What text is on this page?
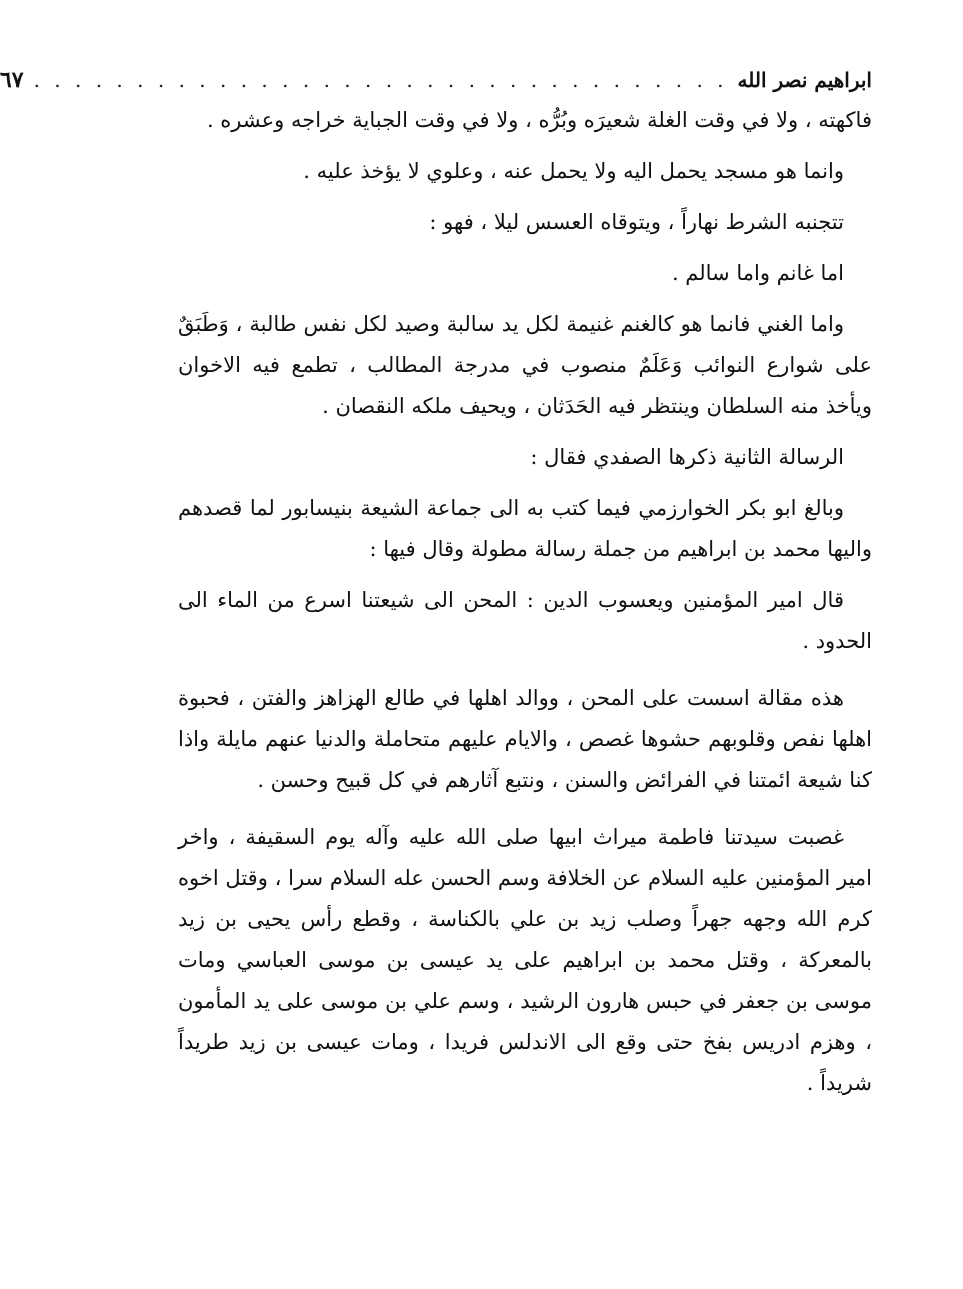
ابراهيم نصر الله
. . . . . . . . . . . . . . . . . . . . . . . . . . . . . . . . . .
٦٧

فاكهته ، ولا في وقت الغلة شعيرَه وبُرُّه ، ولا في وقت الجباية خراجه وعشره .

وانما هو مسجد يحمل اليه ولا يحمل عنه ، وعلوي لا يؤخذ عليه .

تتجنبه الشرط نهاراً ، ويتوقاه العسس ليلا ، فهو :

اما غانم واما سالم .

واما الغني فانما هو كالغنم غنيمة لكل يد سالبة وصيد لكل نفس طالبة ، وَطَبَقٌ على شوارع النوائب وَعَلَمٌ منصوب في مدرجة المطالب ، تطمع فيه الاخوان ويأخذ منه السلطان وينتظر فيه الحَدَثان ، ويحيف ملكه النقصان .

الرسالة الثانية ذكرها الصفدي فقال :

وبالغ ابو بكر الخوارزمي فيما كتب به الى جماعة الشيعة بنيسابور لما قصدهم واليها محمد بن ابراهيم من جملة رسالة مطولة وقال فيها :

قال امير المؤمنين ويعسوب الدين : المحن الى شيعتنا اسرع من الماء الى الحدود .

هذه مقالة اسست على المحن ، ووالد اهلها في طالع الهزاهز والفتن ، فحبوة اهلها نفص وقلوبهم حشوها غصص ، والايام عليهم متحاملة والدنيا عنهم مايلة واذا كنا شيعة ائمتنا في الفرائض والسنن ، ونتبع آثارهم في كل قبيح وحسن .

غصبت سيدتنا فاطمة ميراث ابيها صلى الله عليه وآله يوم السقيفة ، واخر امير المؤمنين عليه السلام عن الخلافة وسم الحسن عله السلام سرا ، وقتل اخوه كرم الله وجهه جهراً وصلب زيد بن علي بالكناسة ، وقطع رأس يحيى بن زيد بالمعركة ، وقتل محمد بن ابراهيم على يد عيسى بن موسى العباسي ومات موسى بن جعفر في حبس هارون الرشيد ، وسم علي بن موسى على يد المأمون ، وهزم ادريس بفخ حتى وقع الى الاندلس فريدا ، ومات عيسى بن زيد طريداً شريداً .
